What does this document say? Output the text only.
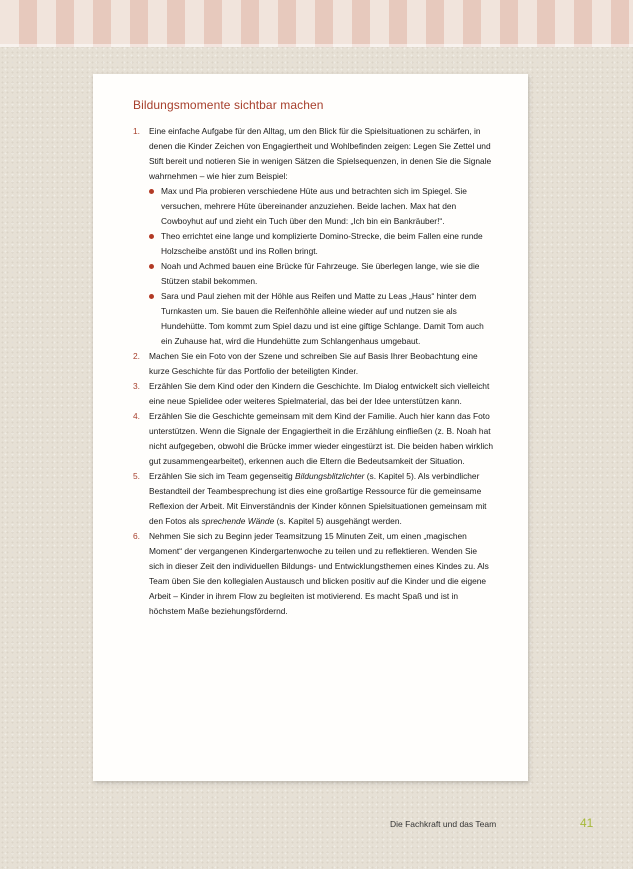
Bildungsmomente sichtbar machen
1. Eine einfache Aufgabe für den Alltag, um den Blick für die Spielsituationen zu schärfen, in denen die Kinder Zeichen von Engagiertheit und Wohlbefinden zeigen: Legen Sie Zettel und Stift bereit und notieren Sie in wenigen Sätzen die Spielsequenzen, in denen Sie die Signale wahrnehmen – wie hier zum Beispiel:
Max und Pia probieren verschiedene Hüte aus und betrachten sich im Spiegel. Sie versuchen, mehrere Hüte übereinander anzuziehen. Beide lachen. Max hat den Cowboyhut auf und zieht ein Tuch über den Mund: „Ich bin ein Bankräuber!“.
Theo errichtet eine lange und komplizierte Domino-Strecke, die beim Fallen eine runde Holzscheibe anstößt und ins Rollen bringt.
Noah und Achmed bauen eine Brücke für Fahrzeuge. Sie überlegen lange, wie sie die Stützen stabil bekommen.
Sara und Paul ziehen mit der Höhle aus Reifen und Matte zu Leas „Haus“ hinter dem Turnkasten um. Sie bauen die Reifenhöhle alleine wieder auf und nutzen sie als Hundehütte. Tom kommt zum Spiel dazu und ist eine giftige Schlange. Damit Tom auch ein Zuhause hat, wird die Hundehütte zum Schlangenhaus umgebaut.
2. Machen Sie ein Foto von der Szene und schreiben Sie auf Basis Ihrer Beobachtung eine kurze Geschichte für das Portfolio der beteiligten Kinder.
3. Erzählen Sie dem Kind oder den Kindern die Geschichte. Im Dialog entwickelt sich vielleicht eine neue Spielidee oder weiteres Spielmaterial, das bei der Idee unterstützen kann.
4. Erzählen Sie die Geschichte gemeinsam mit dem Kind der Familie. Auch hier kann das Foto unterstützen. Wenn die Signale der Engagiertheit in die Erzählung einfließen (z. B. Noah hat nicht aufgegeben, obwohl die Brücke immer wieder eingestürzt ist. Die beiden haben wirklich gut zusammengearbeitet), erkennen auch die Eltern die Bedeutsamkeit der Situation.
5. Erzählen Sie sich im Team gegenseitig Bildungsblitzlichter (s. Kapitel 5). Als verbindlicher Bestandteil der Teambesprechung ist dies eine großartige Ressource für die gemeinsame Reflexion der Arbeit. Mit Einverständnis der Kinder können Spielsituationen gemeinsam mit den Fotos als sprechende Wände (s. Kapitel 5) ausgehängt werden.
6. Nehmen Sie sich zu Beginn jeder Teamsitzung 15 Minuten Zeit, um einen „magischen Moment“ der vergangenen Kindergartenwoche zu teilen und zu reflektieren. Wenden Sie sich in dieser Zeit den individuellen Bildungs- und Entwicklungsthemen eines Kindes zu. Als Team üben Sie den kollegialen Austausch und blicken positiv auf die Kinder und die eigene Arbeit – Kinder in ihrem Flow zu begleiten ist motivierend. Es macht Spaß und ist in höchstem Maße beziehungsfördernd.
Die Fachkraft und das Team	41
